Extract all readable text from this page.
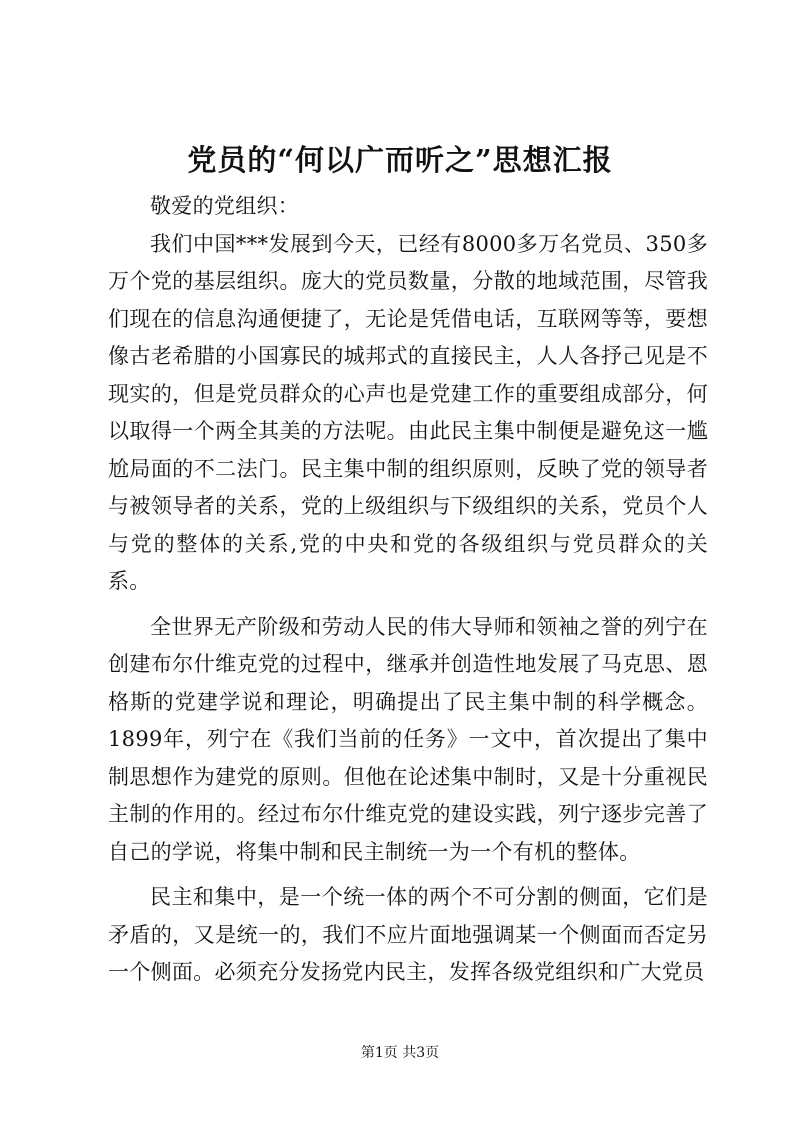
党员的“何以广而听之”思想汇报

敬爱的党组织：

我们中国***发展到今天，已经有8000多万名党员、350多万个党的基层组织。庞大的党员数量，分散的地域范围，尽管我们现在的信息沟通便捷了，无论是凭借电话，互联网等等，要想像古老希腊的小国寡民的城邦式的直接民主，人人各抒己见是不现实的，但是党员群众的心声也是党建工作的重要组成部分，何以取得一个两全其美的方法呢。由此民主集中制便是避免这一尴尬局面的不二法门。民主集中制的组织原则，反映了党的领导者与被领导者的关系，党的上级组织与下级组织的关系，党员个人与党的整体的关系,党的中央和党的各级组织与党员群众的关系。

全世界无产阶级和劳动人民的伟大导师和领袖之誉的列宁在创建布尔什维克党的过程中，继承并创造性地发展了马克思、恩格斯的党建学说和理论，明确提出了民主集中制的科学概念。1899年，列宁在《我们当前的任务》一文中，首次提出了集中制思想作为建党的原则。但他在论述集中制时，又是十分重视民主制的作用的。经过布尔什维克党的建设实践，列宁逐步完善了自己的学说，将集中制和民主制统一为一个有机的整体。

民主和集中，是一个统一体的两个不可分割的侧面，它们是矛盾的，又是统一的，我们不应片面地强调某一个侧面而否定另一个侧面。必须充分发扬党内民主，发挥各级党组织和广大党员

第1页 共3页
